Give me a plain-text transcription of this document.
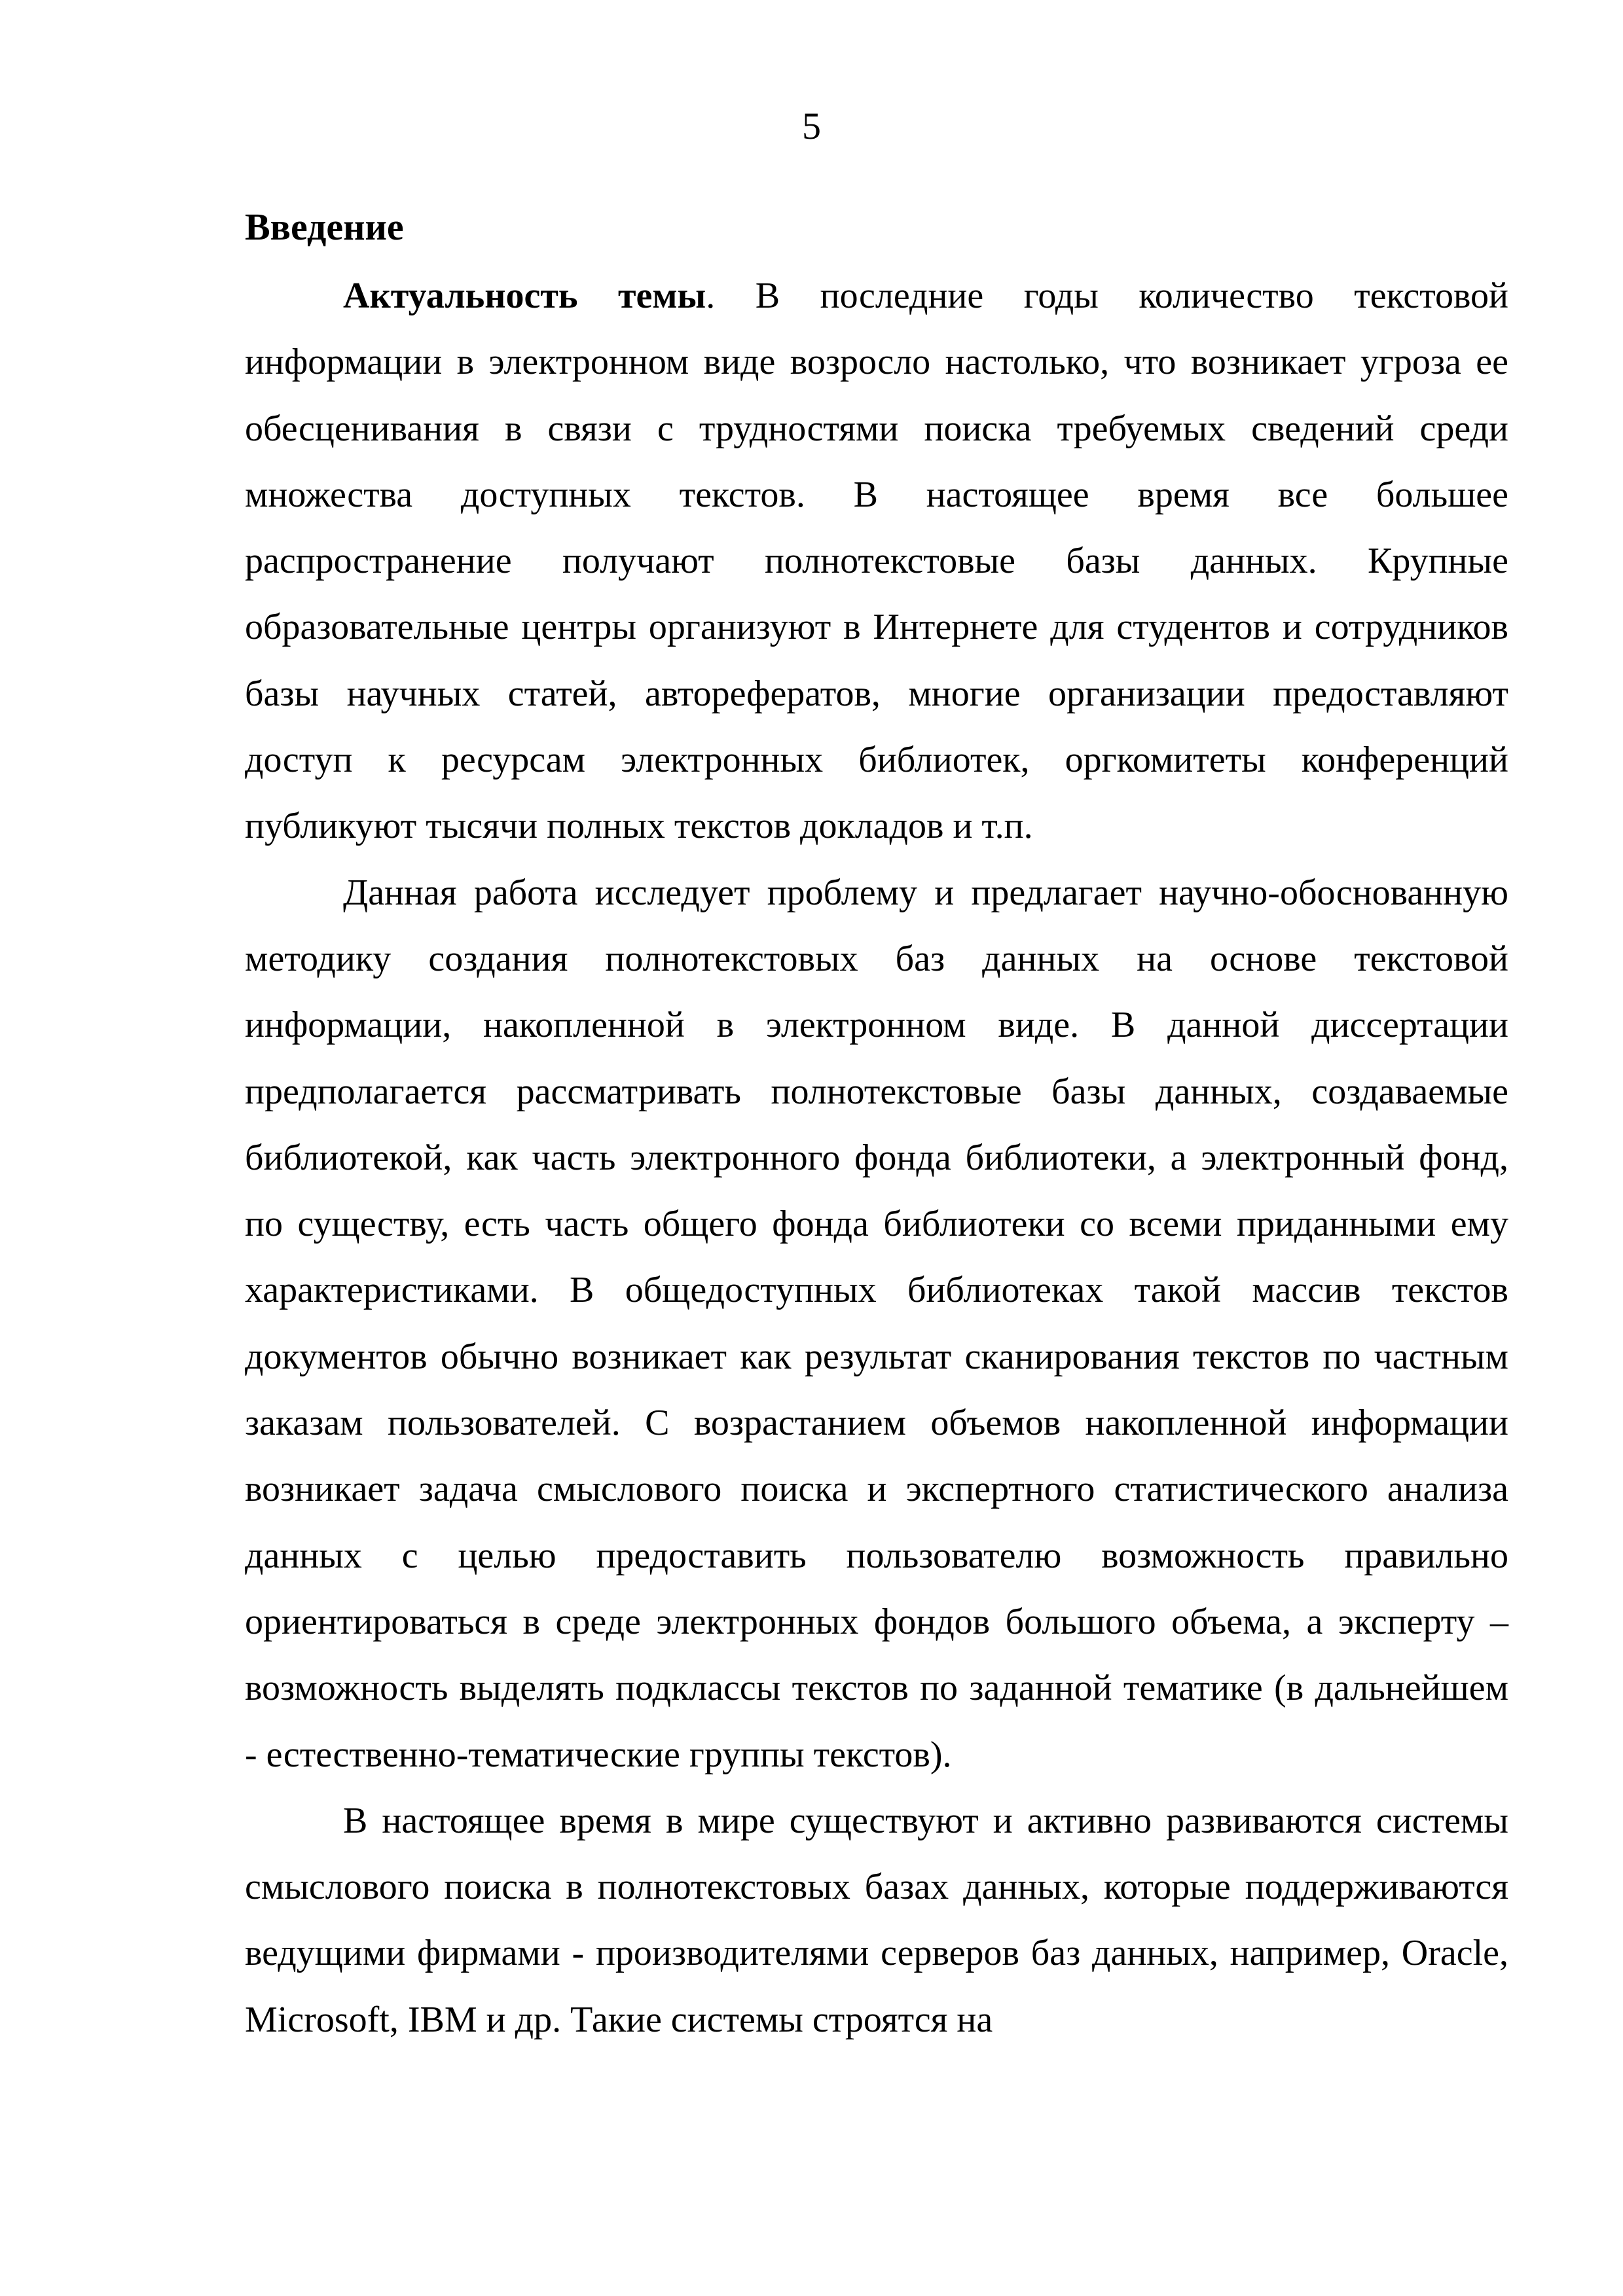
5
Введение

Актуальность темы. В последние годы количество текстовой информации в электронном виде возросло настолько, что возникает угроза ее обесценивания в связи с трудностями поиска требуемых сведений среди множества доступных текстов. В настоящее время все большее распространение получают полнотекстовые базы данных. Крупные образовательные центры организуют в Интернете для студентов и сотрудников базы научных статей, авторефератов, многие организации предоставляют доступ к ресурсам электронных библиотек, оргкомитеты конференций публикуют тысячи полных текстов докладов и т.п.

Данная работа исследует проблему и предлагает научно-обоснованную методику создания полнотекстовых баз данных на основе текстовой информации, накопленной в электронном виде. В данной диссертации предполагается рассматривать полнотекстовые базы данных, создаваемые библиотекой, как часть электронного фонда библиотеки, а электронный фонд, по существу, есть часть общего фонда библиотеки со всеми приданными ему характеристиками. В общедоступных библиотеках такой массив текстов документов обычно возникает как результат сканирования текстов по частным заказам пользователей. С возрастанием объемов накопленной информации возникает задача смыслового поиска и экспертного статистического анализа данных с целью предоставить пользователю возможность правильно ориентироваться в среде электронных фондов большого объема, а эксперту – возможность выделять подклассы текстов по заданной тематике (в дальнейшем - естественно-тематические группы текстов).

В настоящее время в мире существуют и активно развиваются системы смыслового поиска в полнотекстовых базах данных, которые поддерживаются ведущими фирмами - производителями серверов баз данных, например, Oracle, Microsoft, IBM и др. Такие системы строятся на
